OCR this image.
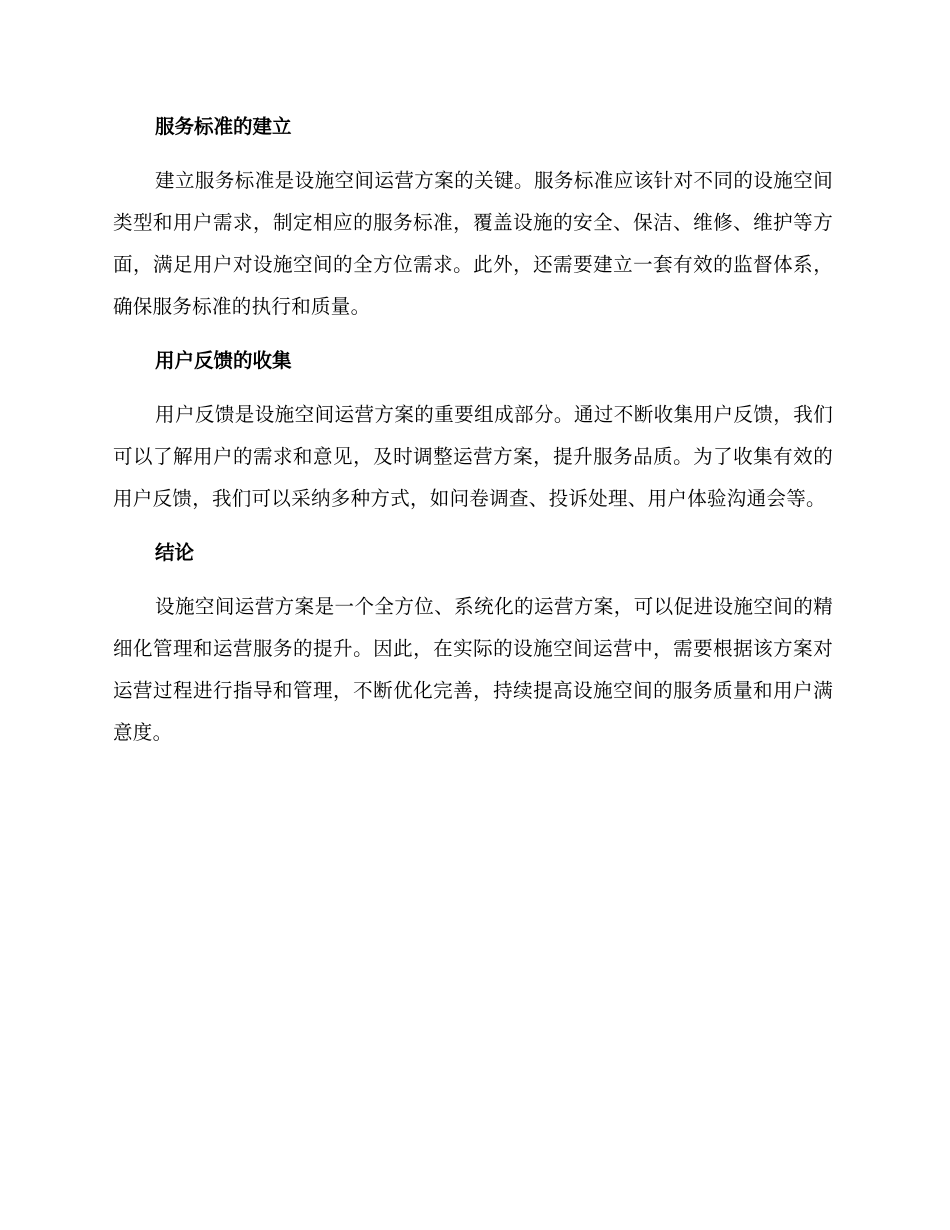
服务标准的建立

建立服务标准是设施空间运营方案的关键。服务标准应该针对不同的设施空间类型和用户需求，制定相应的服务标准，覆盖设施的安全、保洁、维修、维护等方面，满足用户对设施空间的全方位需求。此外，还需要建立一套有效的监督体系，确保服务标准的执行和质量。

用户反馈的收集

用户反馈是设施空间运营方案的重要组成部分。通过不断收集用户反馈，我们可以了解用户的需求和意见，及时调整运营方案，提升服务品质。为了收集有效的用户反馈，我们可以采纳多种方式，如问卷调查、投诉处理、用户体验沟通会等。

结论

设施空间运营方案是一个全方位、系统化的运营方案，可以促进设施空间的精细化管理和运营服务的提升。因此，在实际的设施空间运营中，需要根据该方案对运营过程进行指导和管理，不断优化完善，持续提高设施空间的服务质量和用户满意度。
